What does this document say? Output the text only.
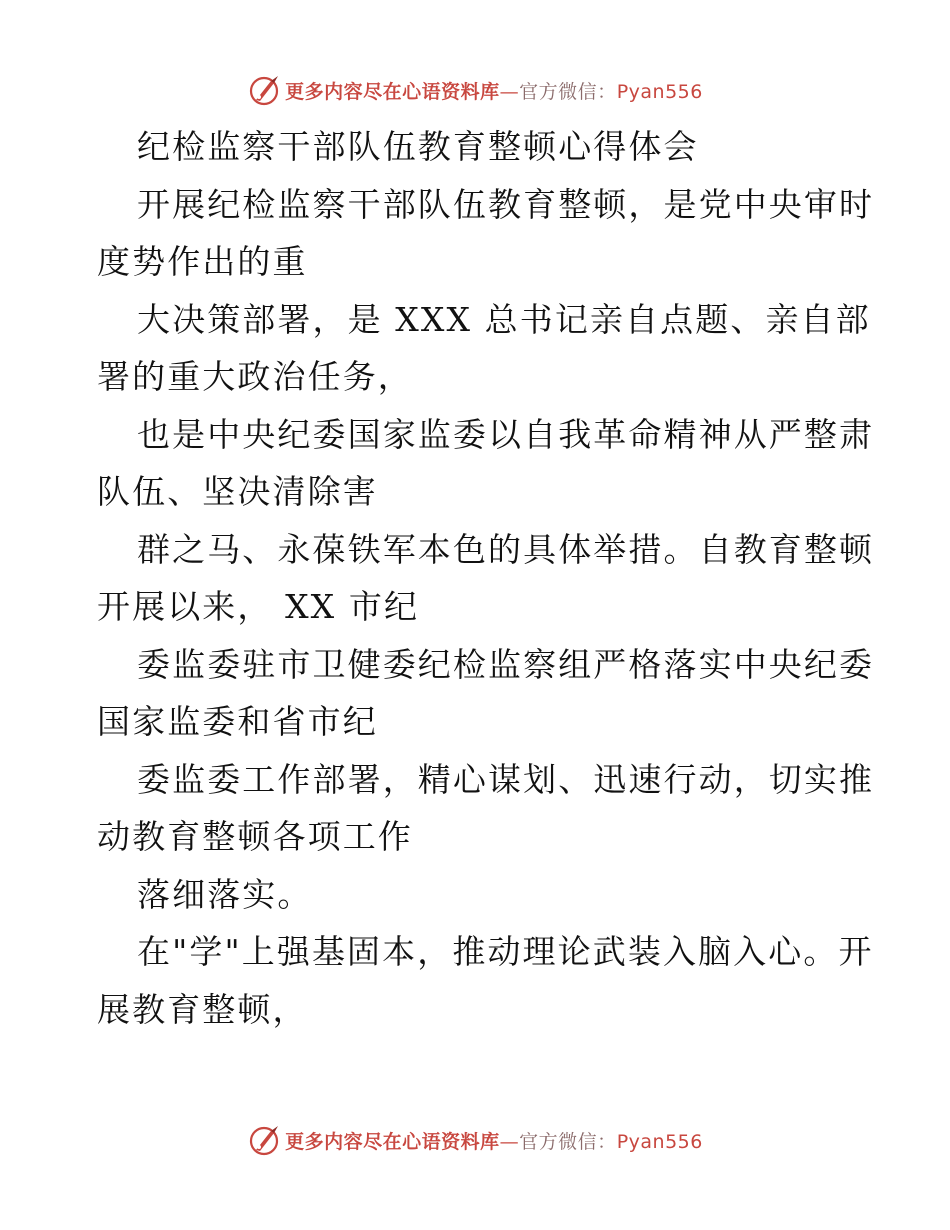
更多内容尽在心语资料库—官方微信：Pyan556
纪检监察干部队伍教育整顿心得体会
开展纪检监察干部队伍教育整顿，是党中央审时
度势作出的重
大决策部署，是 XXX 总书记亲自点题、亲自部
署的重大政治任务，
也是中央纪委国家监委以自我革命精神从严整肃
队伍、坚决清除害
群之马、永葆铁军本色的具体举措。自教育整顿
开展以来， XX 市纪
委监委驻市卫健委纪检监察组严格落实中央纪委
国家监委和省市纪
委监委工作部署，精心谋划、迅速行动，切实推
动教育整顿各项工作
落细落实。
在"学"上强基固本，推动理论武装入脑入心。开
展教育整顿，
更多内容尽在心语资料库—官方微信：Pyan556
